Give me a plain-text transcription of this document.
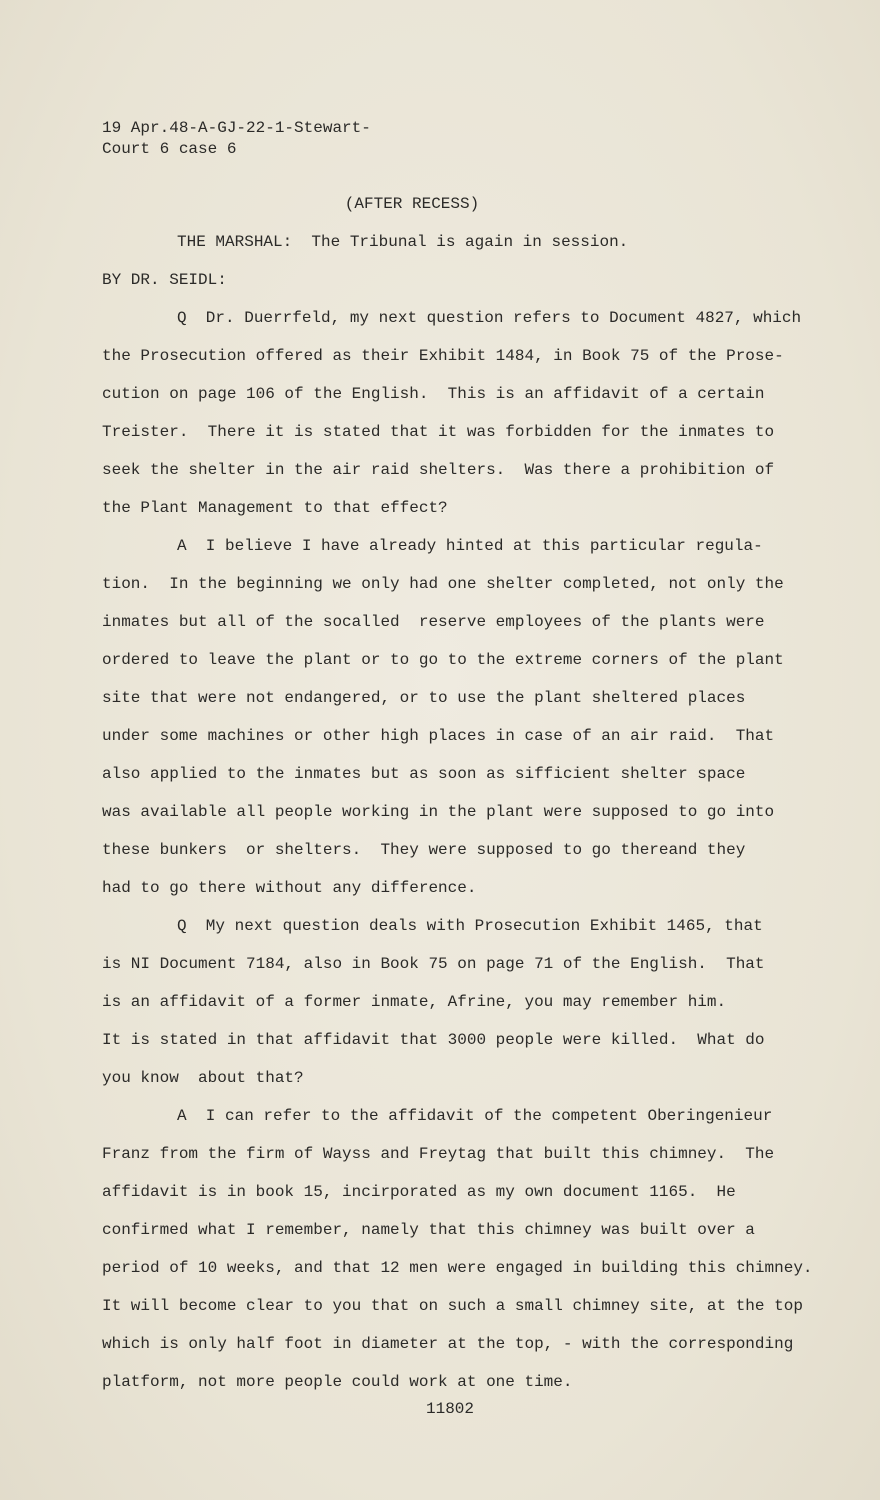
19 Apr.48-A-GJ-22-1-Stewart-
Court 6 case 6
(AFTER RECESS)
THE MARSHAL:  The Tribunal is again in session.
BY DR. SEIDL:
Q  Dr. Duerrfeld, my next question refers to Document 4827, which
the Prosecution offered as their Exhibit 1484, in Book 75 of the Prose-
cution on page 106 of the English.  This is an affidavit of a certain
Treister.  There it is stated that it was forbidden for the inmates to
seek the shelter in the air raid shelters.  Was there a prohibition of
the Plant Management to that effect?
A  I believe I have already hinted at this particular regula-
tion.  In the beginning we only had one shelter completed, not only the
inmates but all of the socalled  reserve employees of the plants were
ordered to leave the plant or to go to the extreme corners of the plant
site that were not endangered, or to use the plant sheltered places
under some machines or other high places in case of an air raid.  That
also applied to the inmates but as soon as sifficient shelter space
was available all people working in the plant were supposed to go into
these bunkers  or shelters.  They were supposed to go thereand they
had to go there without any difference.
Q  My next question deals with Prosecution Exhibit 1465, that
is NI Document 7184, also in Book 75 on page 71 of the English.  That
is an affidavit of a former inmate, Afrine, you may remember him.
It is stated in that affidavit that 3000 people were killed.  What do
you know  about that?
A  I can refer to the affidavit of the competent Oberingenieur
Franz from the firm of Wayss and Freytag that built this chimney.  The
affidavit is in book 15, incirporated as my own document 1165.  He
confirmed what I remember, namely that this chimney was built over a
period of 10 weeks, and that 12 men were engaged in building this chimney.
It will become clear to you that on such a small chimney site, at the top
which is only half foot in diameter at the top, - with the corresponding
platform, not more people could work at one time.
11802
